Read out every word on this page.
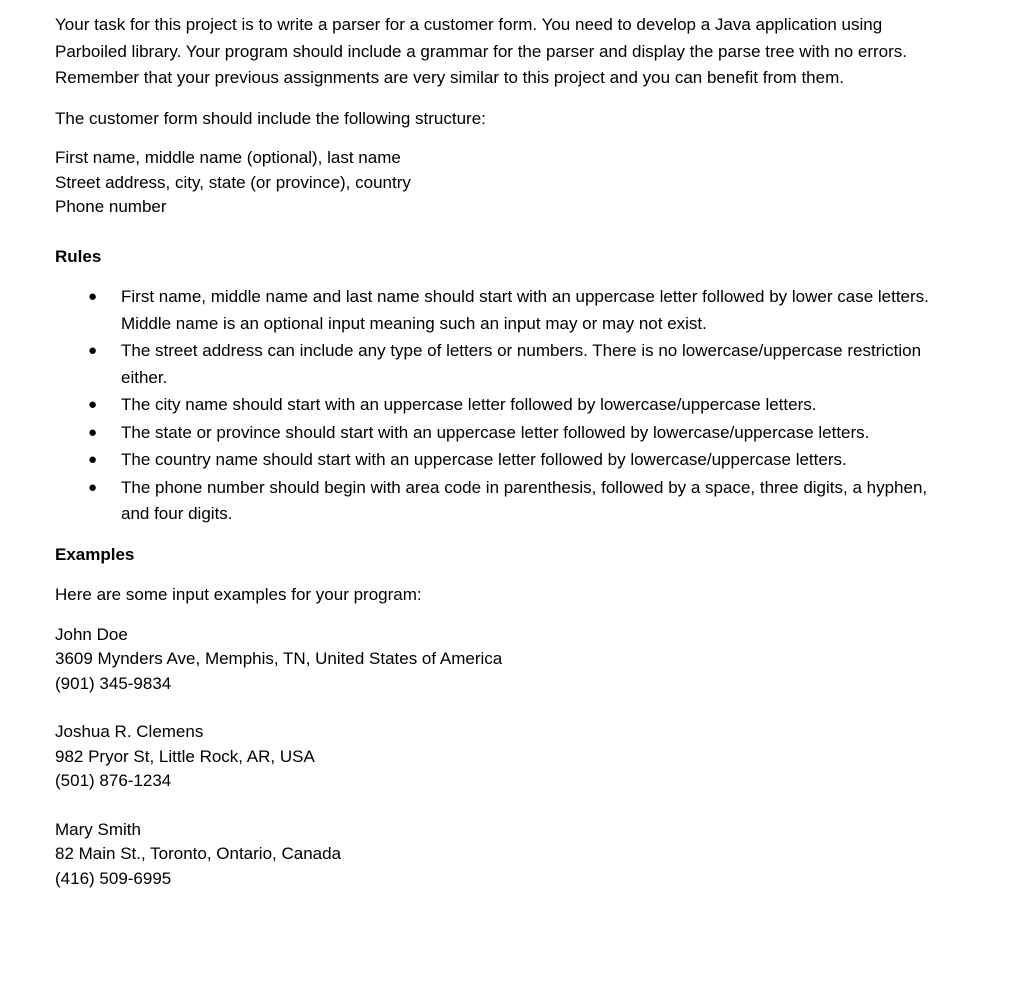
Your task for this project is to write a parser for a customer form. You need to develop a Java application using Parboiled library. Your program should include a grammar for the parser and display the parse tree with no errors. Remember that your previous assignments are very similar to this project and you can benefit from them.

The customer form should include the following structure:

First name, middle name (optional), last name
Street address, city, state (or province), country
Phone number

Rules

● First name, middle name and last name should start with an uppercase letter followed by lower case letters. Middle name is an optional input meaning such an input may or may not exist.
● The street address can include any type of letters or numbers. There is no lowercase/uppercase restriction either.
● The city name should start with an uppercase letter followed by lowercase/uppercase letters.
● The state or province should start with an uppercase letter followed by lowercase/uppercase letters.
● The country name should start with an uppercase letter followed by lowercase/uppercase letters.
● The phone number should begin with area code in parenthesis, followed by a space, three digits, a hyphen, and four digits.

Examples

Here are some input examples for your program:

John Doe
3609 Mynders Ave, Memphis, TN, United States of America
(901) 345-9834
Joshua R. Clemens
982 Pryor St, Little Rock, AR, USA
(501) 876-1234
Mary Smith
82 Main St., Toronto, Ontario, Canada
(416) 509-6995
